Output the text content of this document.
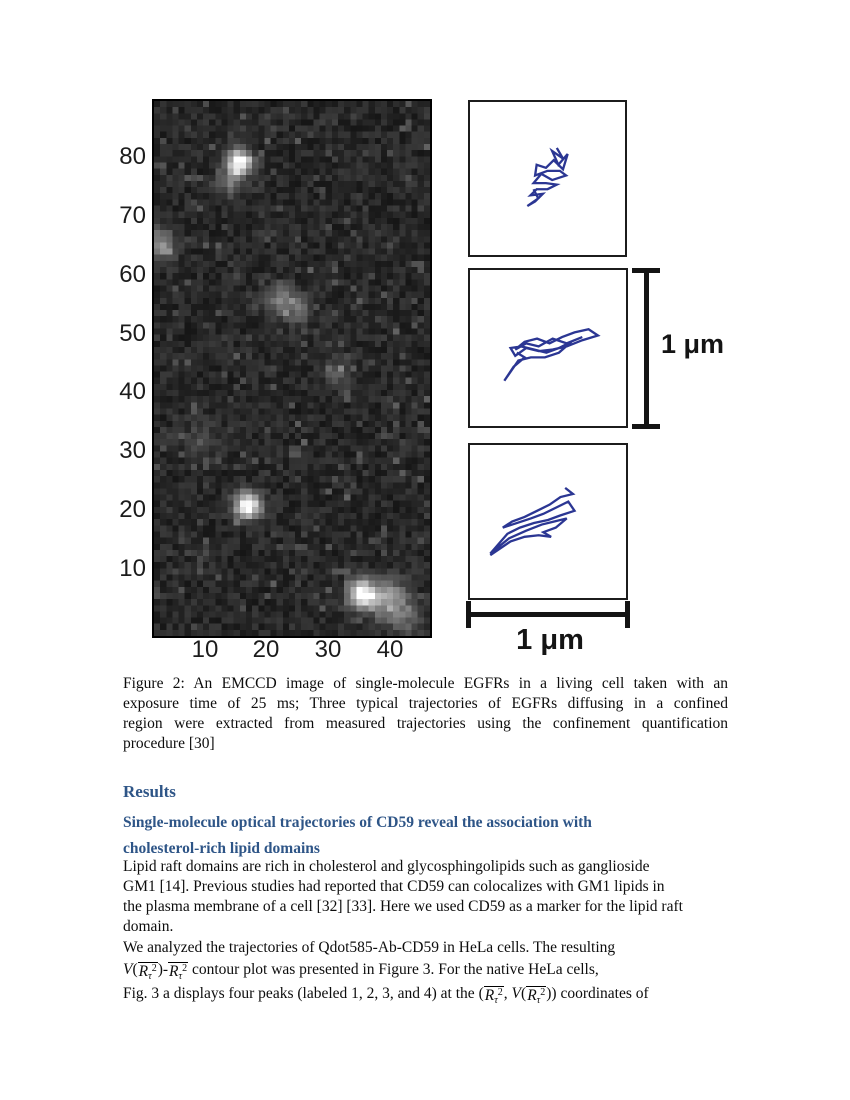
80
70
60
50
40
30
20
10
10	20	30	40
1 μm
1 μm
Figure 2: An EMCCD image of single-molecule EGFRs in a living cell taken with an
exposure time of 25 ms; Three typical trajectories of EGFRs diffusing in a confined
region were extracted from measured trajectories using the confinement quantification
procedure [30]
Results
Single-molecule optical trajectories of CD59 reveal the association with
cholesterol-rich lipid domains
Lipid raft domains are rich in cholesterol and glycosphingolipids such as ganglioside
GM1 [14]. Previous studies had reported that CD59 can colocalizes with GM1 lipids in
the plasma membrane of a cell [32] [33]. Here we used CD59 as a marker for the lipid raft
domain.
We analyzed the trajectories of Qdot585-Ab-CD59 in HeLa cells. The resulting
$V(R\tau^2)-R\tau^2$ contour plot was presented in Figure 3. For the native HeLa cells,
Fig. 3 a displays four peaks (labeled 1, 2, 3, and 4) at the ($R\tau^2$, $V(R\tau^2)$) coordinates of
